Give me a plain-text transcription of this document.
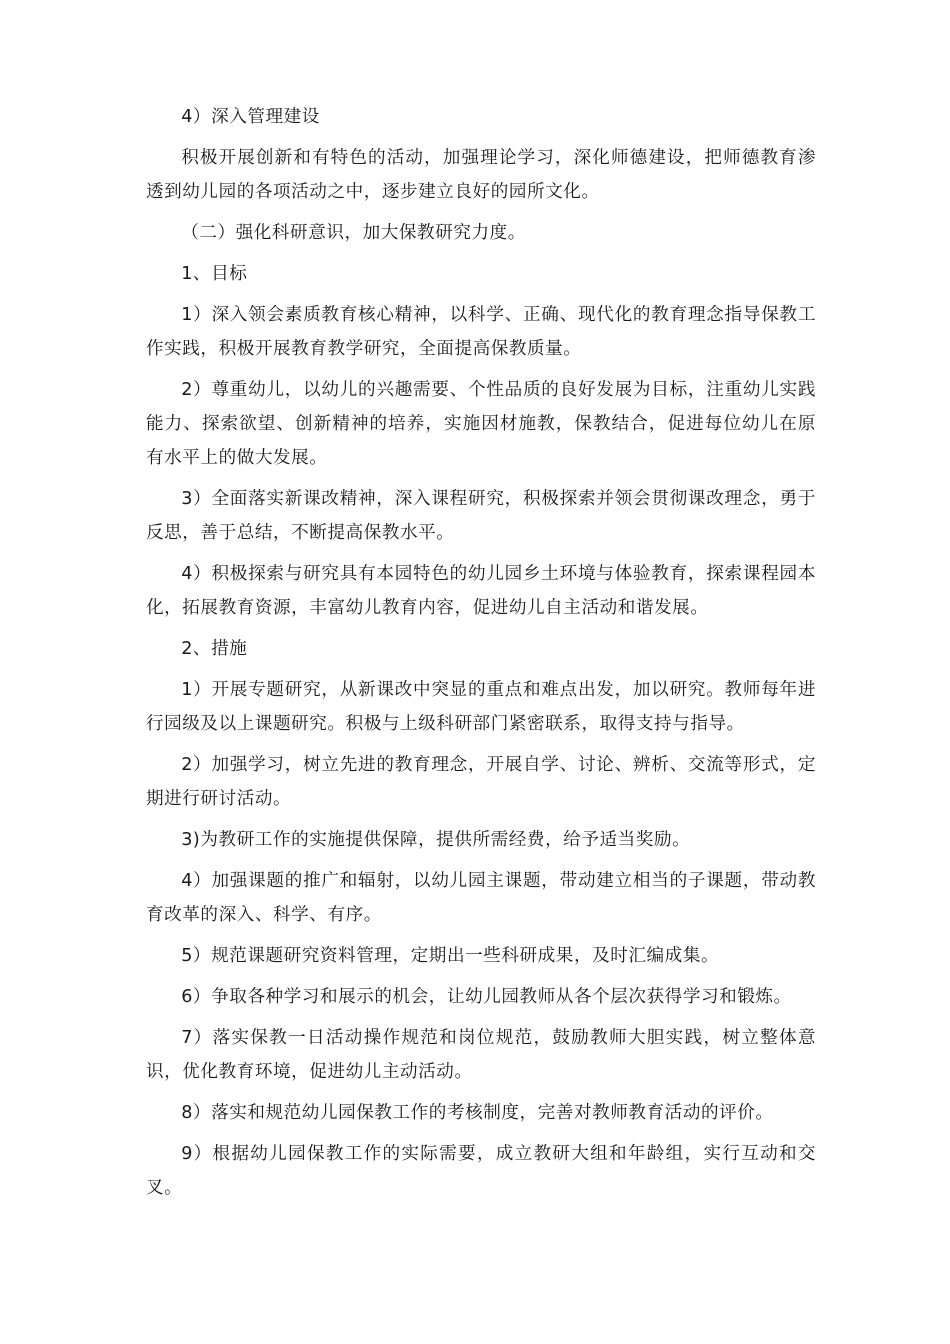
4）深入管理建设

积极开展创新和有特色的活动，加强理论学习，深化师德建设，把师德教育渗透到幼儿园的各项活动之中，逐步建立良好的园所文化。

（二）强化科研意识，加大保教研究力度。

1、目标

1）深入领会素质教育核心精神，以科学、正确、现代化的教育理念指导保教工作实践，积极开展教育教学研究，全面提高保教质量。

2）尊重幼儿，以幼儿的兴趣需要、个性品质的良好发展为目标，注重幼儿实践能力、探索欲望、创新精神的培养，实施因材施教，保教结合，促进每位幼儿在原有水平上的做大发展。

3）全面落实新课改精神，深入课程研究，积极探索并领会贯彻课改理念，勇于反思，善于总结，不断提高保教水平。

4）积极探索与研究具有本园特色的幼儿园乡土环境与体验教育，探索课程园本化，拓展教育资源，丰富幼儿教育内容，促进幼儿自主活动和谐发展。

2、措施

1）开展专题研究，从新课改中突显的重点和难点出发，加以研究。教师每年进行园级及以上课题研究。积极与上级科研部门紧密联系，取得支持与指导。

2）加强学习，树立先进的教育理念，开展自学、讨论、辨析、交流等形式，定期进行研讨活动。

3)为教研工作的实施提供保障，提供所需经费，给予适当奖励。

4）加强课题的推广和辐射，以幼儿园主课题，带动建立相当的子课题，带动教育改革的深入、科学、有序。

5）规范课题研究资料管理，定期出一些科研成果，及时汇编成集。

6）争取各种学习和展示的机会，让幼儿园教师从各个层次获得学习和锻炼。

7）落实保教一日活动操作规范和岗位规范，鼓励教师大胆实践，树立整体意识，优化教育环境，促进幼儿主动活动。

8）落实和规范幼儿园保教工作的考核制度，完善对教师教育活动的评价。

9）根据幼儿园保教工作的实际需要，成立教研大组和年龄组，实行互动和交叉。
